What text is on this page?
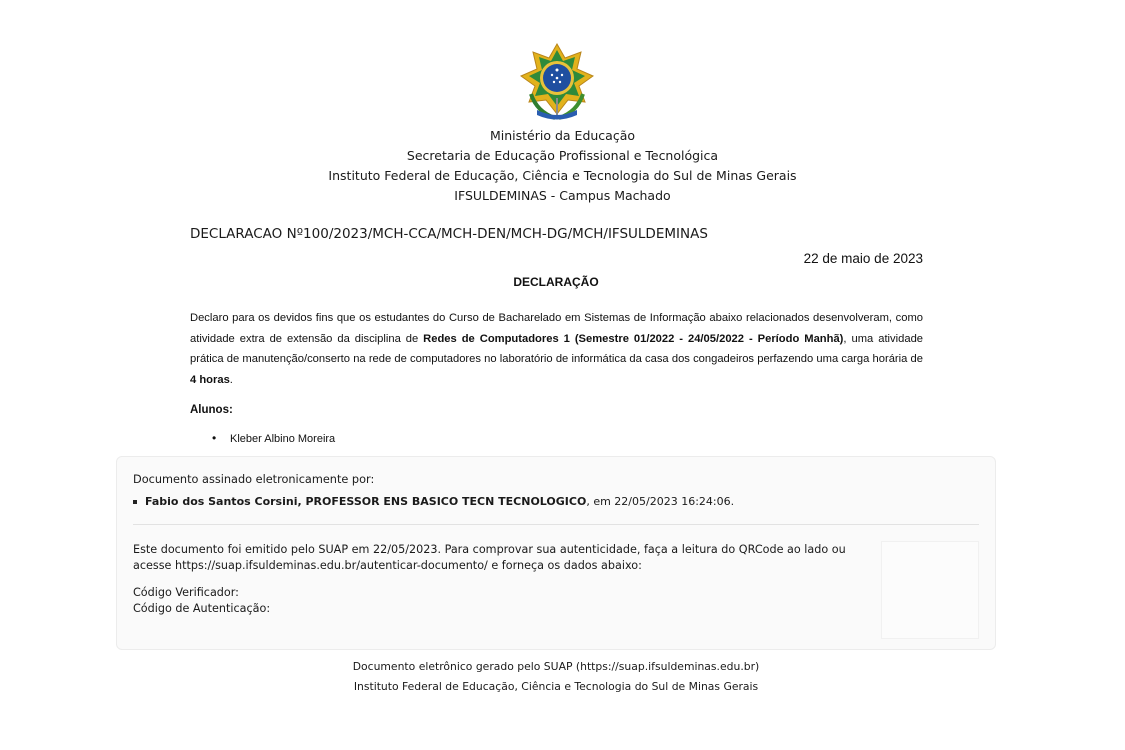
Ministério da Educação
Secretaria de Educação Profissional e Tecnológica
Instituto Federal de Educação, Ciência e Tecnologia do Sul de Minas Gerais
IFSULDEMINAS - Campus Machado
DECLARACAO Nº100/2023/MCH-CCA/MCH-DEN/MCH-DG/MCH/IFSULDEMINAS
22 de maio de 2023
DECLARAÇÃO
Declaro para os devidos fins que os estudantes do Curso de Bacharelado em Sistemas de Informação abaixo relacionados desenvolveram, como atividade extra de extensão da disciplina de Redes de Computadores 1 (Semestre 01/2022 - 24/05/2022 - Período Manhã), uma atividade prática de manutenção/conserto na rede de computadores no laboratório de informática da casa dos congadeiros perfazendo uma carga horária de 4 horas.
Alunos:
• Kleber Albino Moreira
Documento assinado eletronicamente por:
Fabio dos Santos Corsini, PROFESSOR ENS BASICO TECN TECNOLOGICO , em 22/05/2023 16:24:06.
Este documento foi emitido pelo SUAP em 22/05/2023. Para comprovar sua autenticidade, faça a leitura do QRCode ao lado ou acesse https://suap.ifsuldeminas.edu.br/autenticar-documento/ e forneça os dados abaixo:
Código Verificador:
Código de Autenticação:
Documento eletrônico gerado pelo SUAP (https://suap.ifsuldeminas.edu.br)
Instituto Federal de Educação, Ciência e Tecnologia do Sul de Minas Gerais
